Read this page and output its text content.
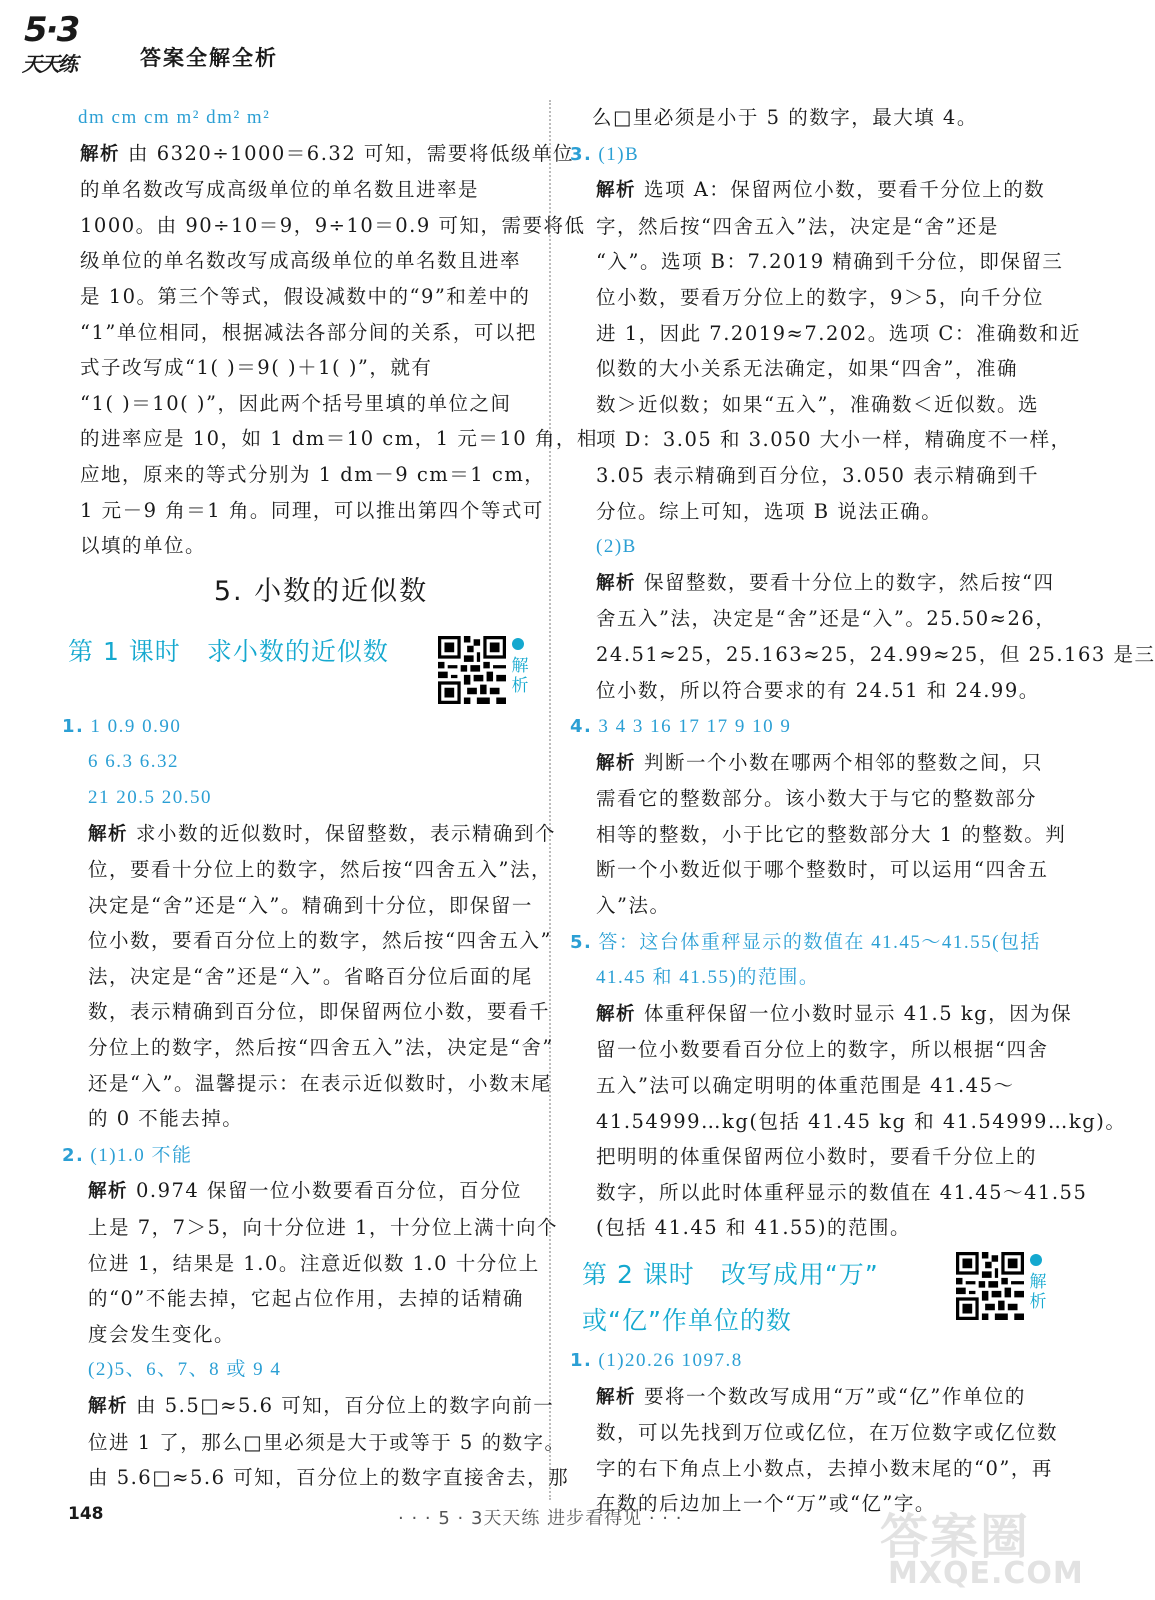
5·3
天天练	答案全解全析
dm cm cm m² dm² m²
解析 由 6320÷1000＝6.32 可知，需要将低级单位
的单名数改写成高级单位的单名数且进率是
1000。由 90÷10＝9，9÷10＝0.9 可知，需要将低
级单位的单名数改写成高级单位的单名数且进率
是 10。第三个等式，假设减数中的“9”和差中的
“1”单位相同，根据减法各部分间的关系，可以把
式子改写成“1( )＝9( )＋1( )”，就有
“1( )＝10( )”，因此两个括号里填的单位之间
的进率应是 10，如 1 dm＝10 cm，1 元＝10 角，相
应地，原来的等式分别为 1 dm－9 cm＝1 cm，
1 元－9 角＝1 角。同理，可以推出第四个等式可
以填的单位。
5. 小数的近似数
第 1 课时 求小数的近似数	解
析
1. 1 0.9 0.90
6 6.3 6.32
21 20.5 20.50
解析 求小数的近似数时，保留整数，表示精确到个
位，要看十分位上的数字，然后按“四舍五入”法，
决定是“舍”还是“入”。精确到十分位，即保留一
位小数，要看百分位上的数字，然后按“四舍五入”
法，决定是“舍”还是“入”。省略百分位后面的尾
数，表示精确到百分位，即保留两位小数，要看千
分位上的数字，然后按“四舍五入”法，决定是“舍”
还是“入”。温馨提示：在表示近似数时，小数末尾
的 0 不能去掉。
2. (1)1.0 不能
解析 0.974 保留一位小数要看百分位，百分位
上是 7，7＞5，向十分位进 1，十分位上满十向个
位进 1，结果是 1.0。注意近似数 1.0 十分位上
的“0”不能去掉，它起占位作用，去掉的话精确
度会发生变化。
(2)5、6、7、8 或 9 4
解析 由 5.5□≈5.6 可知，百分位上的数字向前一
位进 1 了，那么□里必须是大于或等于 5 的数字。
由 5.6□≈5.6 可知，百分位上的数字直接舍去，那
么□里必须是小于 5 的数字，最大填 4。
3. (1)B
解析 选项 A：保留两位小数，要看千分位上的数
字，然后按“四舍五入”法，决定是“舍”还是
“入”。选项 B：7.2019 精确到千分位，即保留三
位小数，要看万分位上的数字，9＞5，向千分位
进 1，因此 7.2019≈7.202。选项 C：准确数和近
似数的大小关系无法确定，如果“四舍”，准确
数＞近似数；如果“五入”，准确数＜近似数。选
项 D：3.05 和 3.050 大小一样，精确度不一样，
3.05 表示精确到百分位，3.050 表示精确到千
分位。综上可知，选项 B 说法正确。
(2)B
解析 保留整数，要看十分位上的数字，然后按“四
舍五入”法，决定是“舍”还是“入”。25.50≈26，
24.51≈25，25.163≈25，24.99≈25，但 25.163 是三
位小数，所以符合要求的有 24.51 和 24.99。
4. 3 4 3 16 17 17 9 10 9
解析 判断一个小数在哪两个相邻的整数之间，只
需看它的整数部分。该小数大于与它的整数部分
相等的整数，小于比它的整数部分大 1 的整数。判
断一个小数近似于哪个整数时，可以运用“四舍五
入”法。
5. 答：这台体重秤显示的数值在 41.45～41.55(包括
41.45 和 41.55)的范围。
解析 体重秤保留一位小数时显示 41.5 kg，因为保
留一位小数要看百分位上的数字，所以根据“四舍
五入”法可以确定明明的体重范围是 41.45～
41.54999…kg(包括 41.45 kg 和 41.54999…kg)。
把明明的体重保留两位小数时，要看千分位上的
数字，所以此时体重秤显示的数值在 41.45～41.55
(包括 41.45 和 41.55)的范围。
第 2 课时 改写成用“万”
或“亿”作单位的数
解
析
1. (1)20.26 1097.8
解析 要将一个数改写成用“万”或“亿”作单位的
数，可以先找到万位或亿位，在万位数字或亿位数
字的右下角点上小数点，去掉小数末尾的“0”，再
在数的后边加上一个“万”或“亿”字。
148	· · · 5 · 3天天练 进步看得见 · · ·	答案圈
MXQE.COM
